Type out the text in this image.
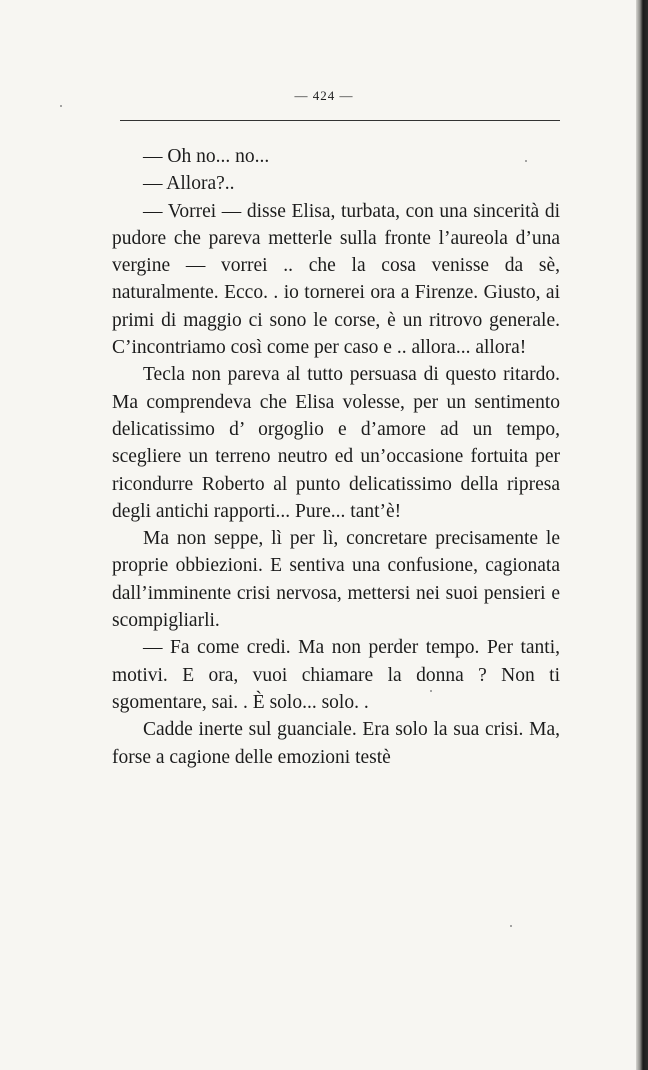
— 424 —

— Oh no... no...

— Allora?..

— Vorrei — disse Elisa, turbata, con una sincerità di pudore che pareva metterle sulla fronte l’aureola d’una vergine — vorrei .. che la cosa venisse da sè, naturalmente. Ecco. . io tornerei ora a Firenze. Giusto, ai primi di maggio ci sono le corse, è un ritrovo generale. C’incontriamo così come per caso e .. allora... allora!

Tecla non pareva al tutto persuasa di questo ritardo. Ma comprendeva che Elisa volesse, per un sentimento delicatissimo d’ orgoglio e d’amore ad un tempo, scegliere un terreno neutro ed un’occasione fortuita per ricondurre Roberto al punto delicatissimo della ripresa degli antichi rapporti... Pure... tant’è!

Ma non seppe, lì per lì, concretare precisamente le proprie obbiezioni. E sentiva una confusione, cagionata dall’imminente crisi nervosa, mettersi nei suoi pensieri e scompigliarli.

— Fa come credi. Ma non perder tempo. Per tanti, motivi. E ora, vuoi chiamare la donna ? Non ti sgomentare, sai. . È solo... solo. .

Cadde inerte sul guanciale. Era solo la sua crisi. Ma, forse a cagione delle emozioni testè
